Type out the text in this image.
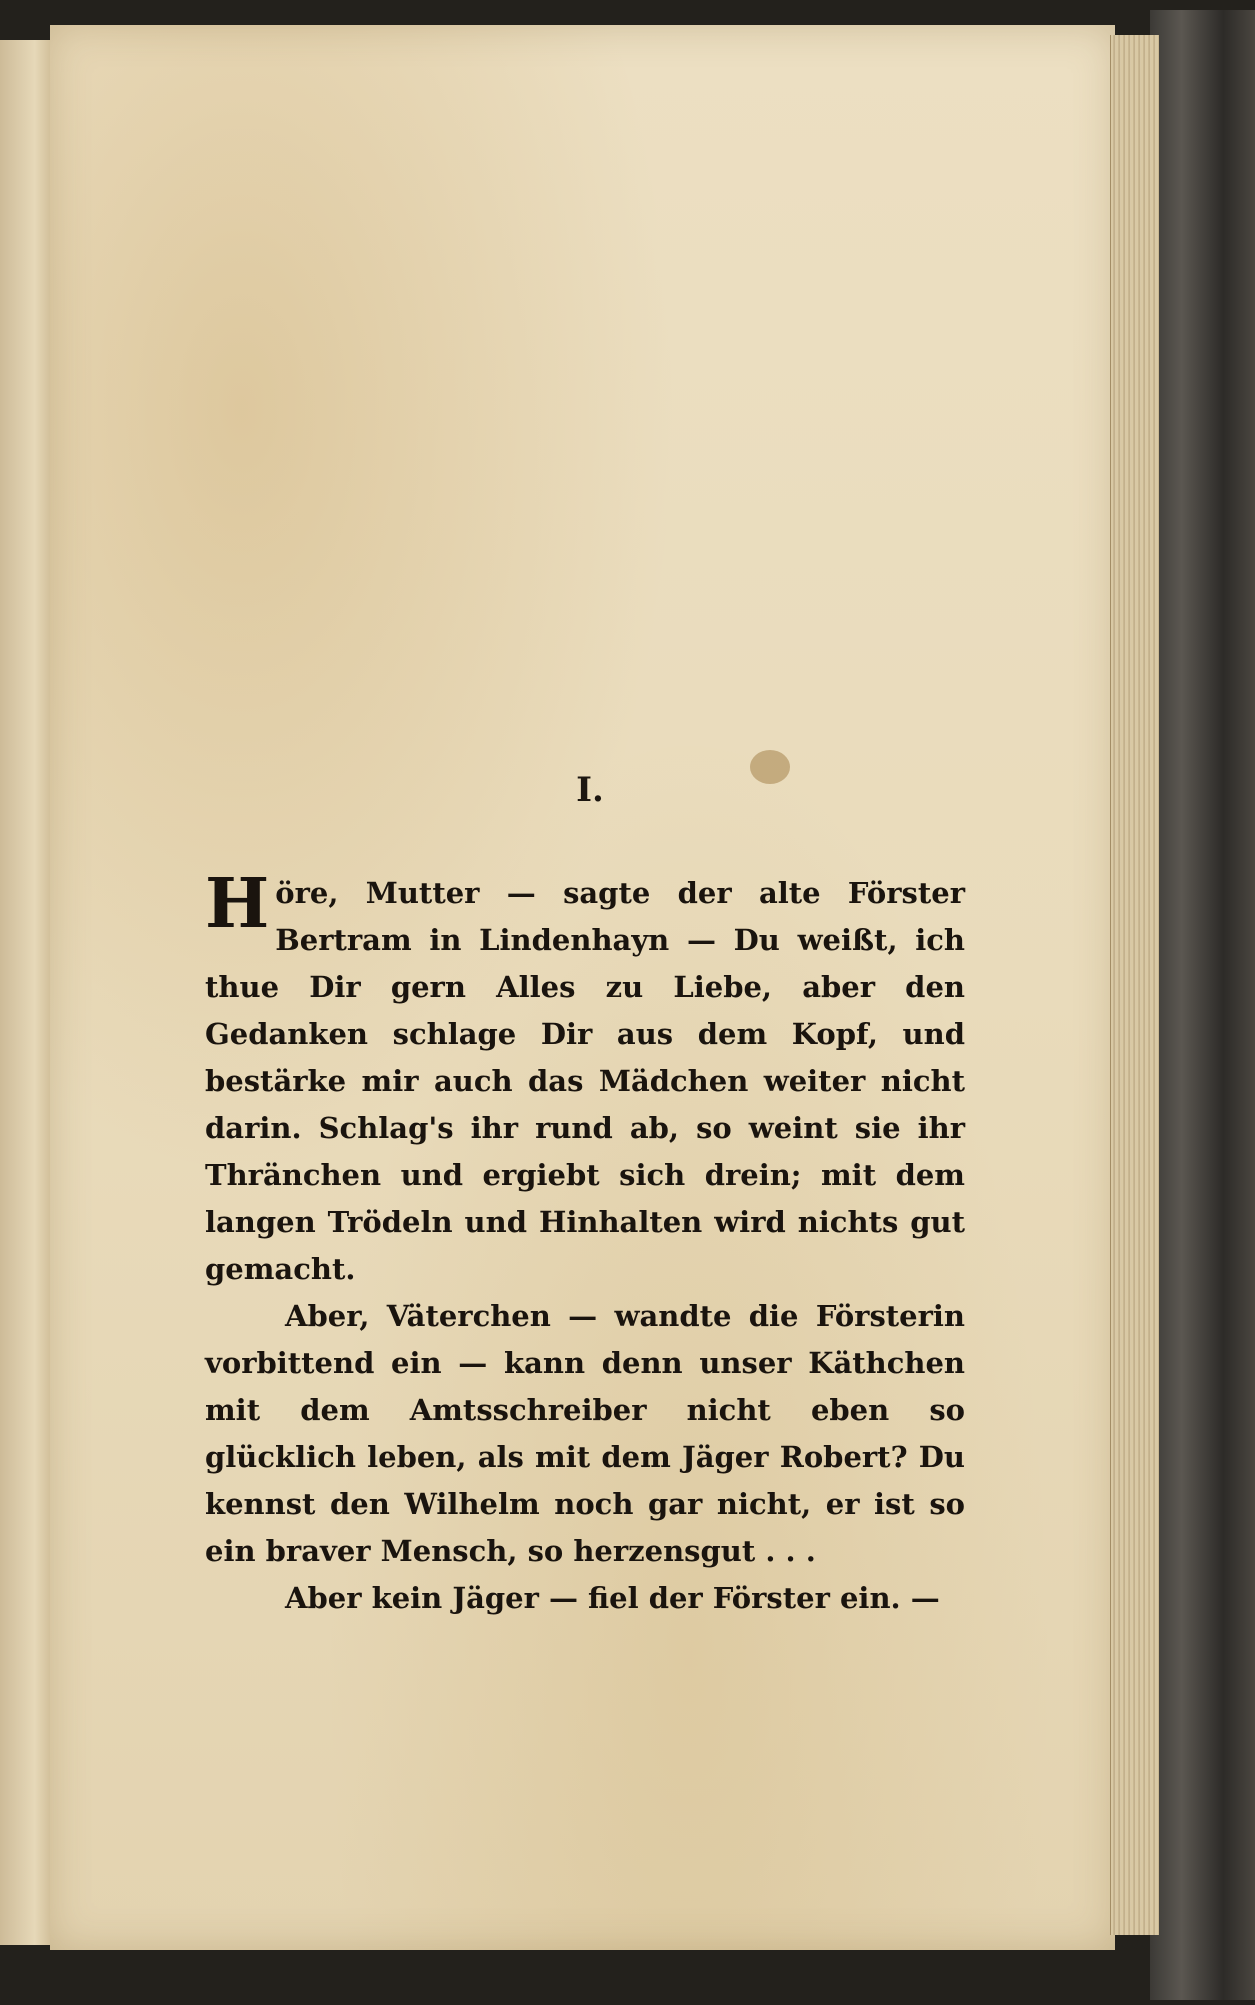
I.

Höre, Mutter — sagte der alte Förster Bertram in Lindenhayn — Du weißt, ich thue Dir gern Alles zu Liebe, aber den Gedanken schlage Dir aus dem Kopf, und bestärke mir auch das Mädchen weiter nicht darin. Schlag's ihr rund ab, so weint sie ihr Thränchen und ergiebt sich drein; mit dem langen Trödeln und Hinhalten wird nichts gut gemacht.

Aber, Väterchen — wandte die Försterin vorbittend ein — kann denn unser Käthchen mit dem Amtsschreiber nicht eben so glücklich leben, als mit dem Jäger Robert? Du kennst den Wilhelm noch gar nicht, er ist so ein braver Mensch, so herzensgut . . .

Aber kein Jäger — fiel der Förster ein. —
